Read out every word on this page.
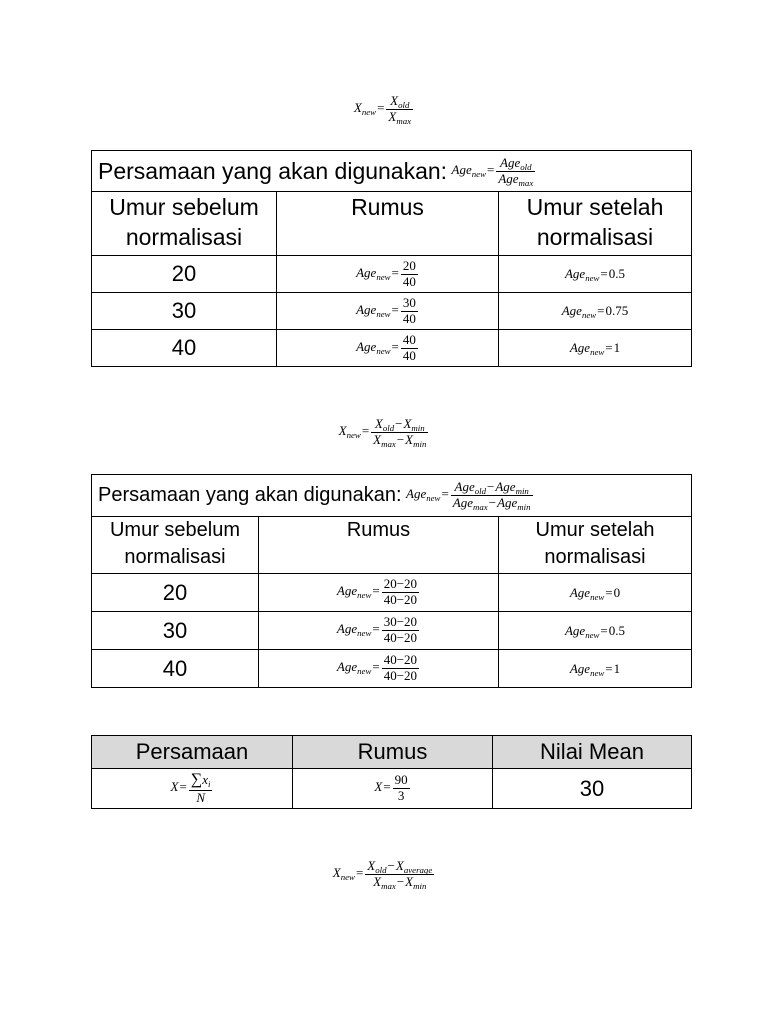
$X_{new}= \frac{X_{old}}{X_{max}}$
Persamaan yang akan digunakan: $Age_{new}= \frac{Age_{old}}{Age_{max}}$

Umur sebelum normalisasi	Rumus	Umur setelah normalisasi

20	$Age_{new}= \frac{20}{40}$	Age$_{new}$=0.5
30	$Age_{new}= \frac{30}{40}$	Age$_{new}$=0.75
40	$Age_{new}= \frac{40}{40}$	Age$_{new}$=1
$X_{new}= \frac{X_{old}-X_{min}}{X_{max}-X_{min}}$
Persamaan yang akan digunakan: $Age_{new}= \frac{Age_{old}-Age_{min}}{Age_{max}-Age_{min}}$

Umur sebelum normalisasi	Rumus	Umur setelah normalisasi

20	$Age_{new}= \frac{20-20}{40-20}$	Age$_{new}$=0
30	$Age_{new}= \frac{30-20}{40-20}$	Age$_{new}$=0.5
40	$Age_{new}= \frac{40-20}{40-20}$	Age$_{new}$=1
Persamaan	Rumus	Nilai Mean
$X= \frac{\sum x_i}{N}$	$X= \frac{90}{3}$	30
$X_{new}= \frac{X_{old}-X_{average}}{X_{max}-X_{min}}$
